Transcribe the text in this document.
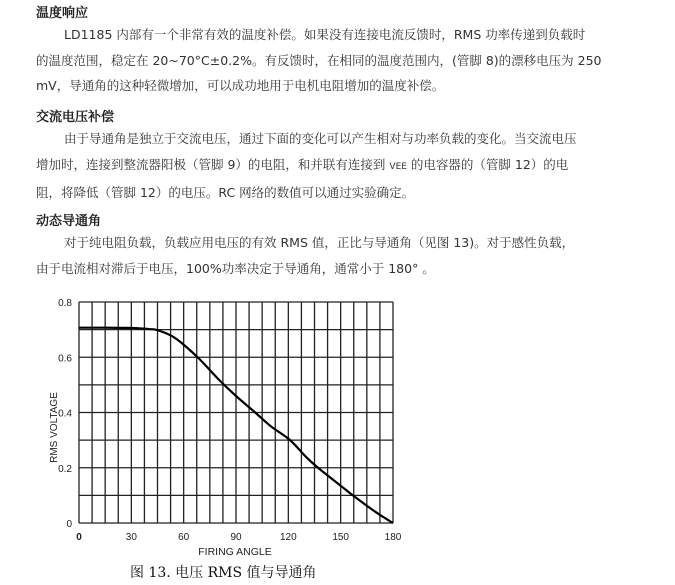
温度响应
LD1185 内部有一个非常有效的温度补偿。如果没有连接电流反馈时，RMS 功率传递到负载时
的温度范围，稳定在 20~70°C±0.2%。有反馈时，在相同的温度范围内，(管脚 8)的漂移电压为 250
mV，导通角的这种轻微增加，可以成功地用于电机电阻增加的温度补偿。
交流电压补偿
由于导通角是独立于交流电压，通过下面的变化可以产生相对与功率负载的变化。当交流电压
增加时，连接到整流器阳极（管脚 9）的电阻，和并联有连接到 VEE 的电容器的（管脚 12）的电
阻，将降低（管脚 12）的电压。RC 网络的数值可以通过实验确定。
动态导通角
对于纯电阻负载，负载应用电压的有效 RMS 值，正比与导通角（见图 13)。对于感性负载，
由于电流相对滞后于电压，100%功率决定于导通角，通常小于 180° 。
0
0.2
0.4
0.6
0.8
0	30	60	90	120	150	180
FIRING ANGLE
RMS VOLTAGE
图 13. 电压 RMS 值与导通角
